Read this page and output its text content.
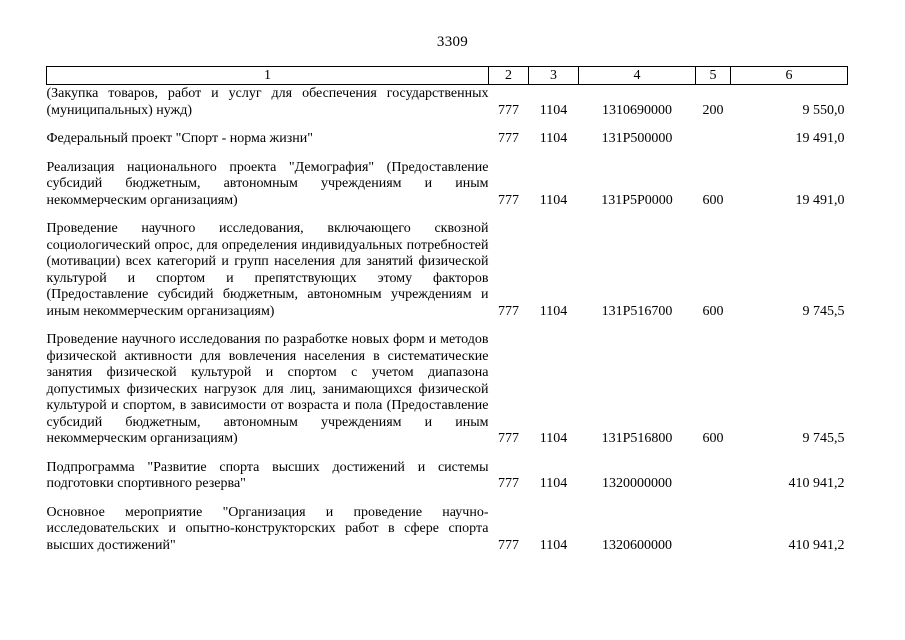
3309
1	2	3	4	5	6
(Закупка товаров, работ и услуг для обеспечения государственных (муниципальных) нужд)	777	1104	1310690000	200	9 550,0
Федеральный проект "Спорт - норма жизни"	777	1104	131P500000		19 491,0
Реализация национального проекта "Демография" (Предоставление субсидий бюджетным, автономным учреждениям и иным некоммерческим организациям)	777	1104	131P5P0000	600	19 491,0
Проведение научного исследования, включающего сквозной социологический опрос, для определения индивидуальных потребностей (мотивации) всех категорий и групп населения для занятий физической культурой и спортом и препятствующих этому факторов (Предоставление субсидий бюджетным, автономным учреждениям и иным некоммерческим организациям)	777	1104	131P516700	600	9 745,5
Проведение научного исследования по разработке новых форм и методов физической активности для вовлечения населения в систематические занятия физической культурой и спортом с учетом диапазона допустимых физических нагрузок для лиц, занимающихся физической культурой и спортом, в зависимости от возраста и пола (Предоставление субсидий бюджетным, автономным учреждениям и иным некоммерческим организациям)	777	1104	131P516800	600	9 745,5
Подпрограмма "Развитие спорта высших достижений и системы подготовки спортивного резерва"	777	1104	1320000000		410 941,2
Основное мероприятие "Организация и проведение научно-исследовательских и опытно-конструкторских работ в сфере спорта высших достижений"	777	1104	1320600000		410 941,2
